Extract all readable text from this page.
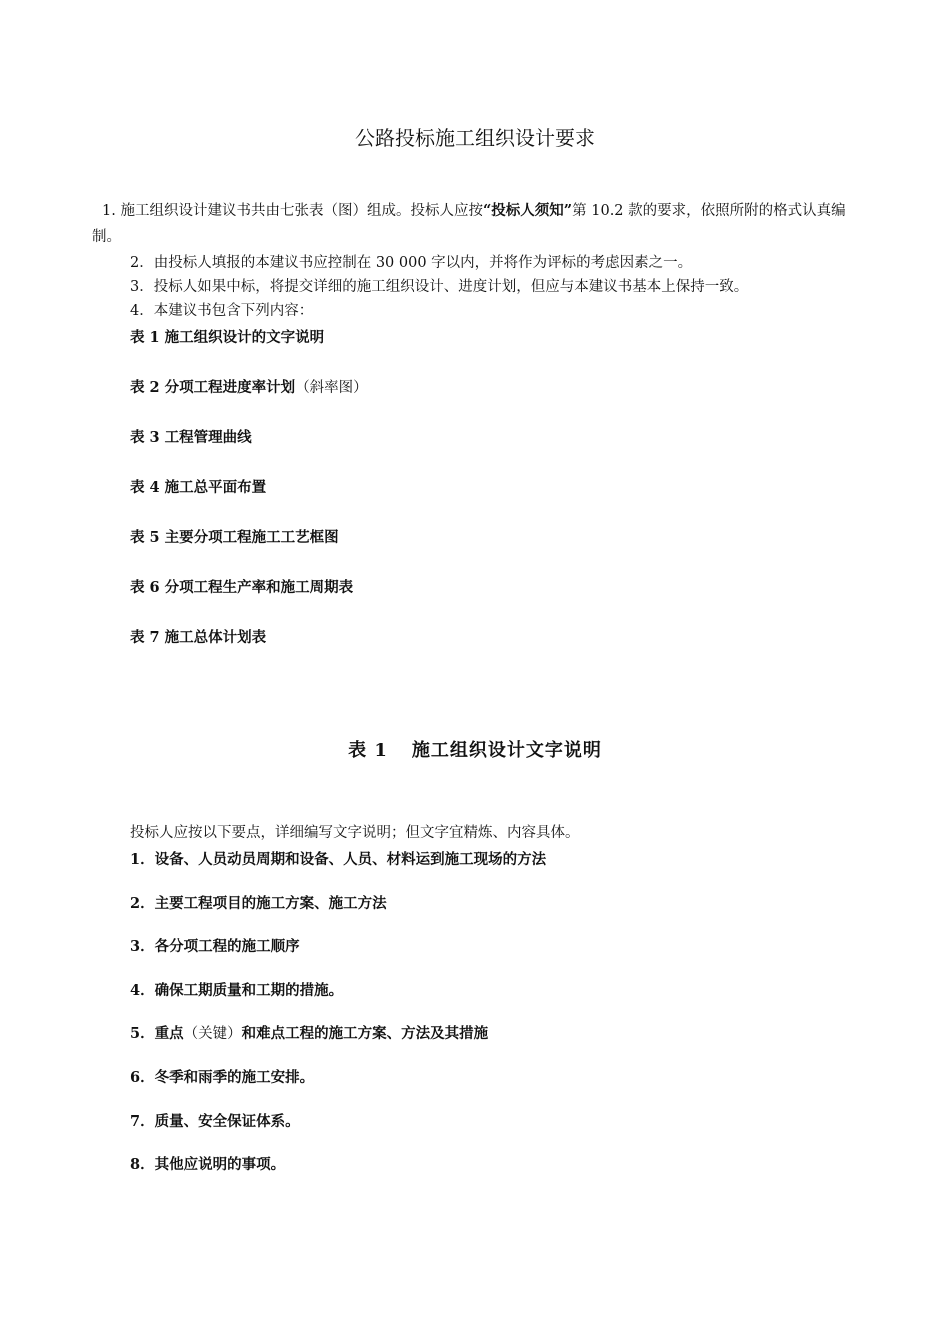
公路投标施工组织设计要求

1. 施工组织设计建议书共由七张表（图）组成。投标人应按“投标人须知”第 10.2 款的要求，依照所附的格式认真编制。

2．由投标人填报的本建议书应控制在 30 000 字以内，并将作为评标的考虑因素之一。

3．投标人如果中标，将提交详细的施工组织设计、进度计划，但应与本建议书基本上保持一致。

4．本建议书包含下列内容：

表 1 施工组织设计的文字说明

表 2 分项工程进度率计划（斜率图）

表 3 工程管理曲线

表 4 施工总平面布置

表 5 主要分项工程施工工艺框图

表 6 分项工程生产率和施工周期表

表 7 施工总体计划表

表 1 施工组织设计文字说明

投标人应按以下要点，详细编写文字说明；但文字宜精炼、内容具体。

1．设备、人员动员周期和设备、人员、材料运到施工现场的方法

2．主要工程项目的施工方案、施工方法

3．各分项工程的施工顺序

4．确保工期质量和工期的措施。

5．重点（关键）和难点工程的施工方案、方法及其措施

6．冬季和雨季的施工安排。

7．质量、安全保证体系。

8．其他应说明的事项。
